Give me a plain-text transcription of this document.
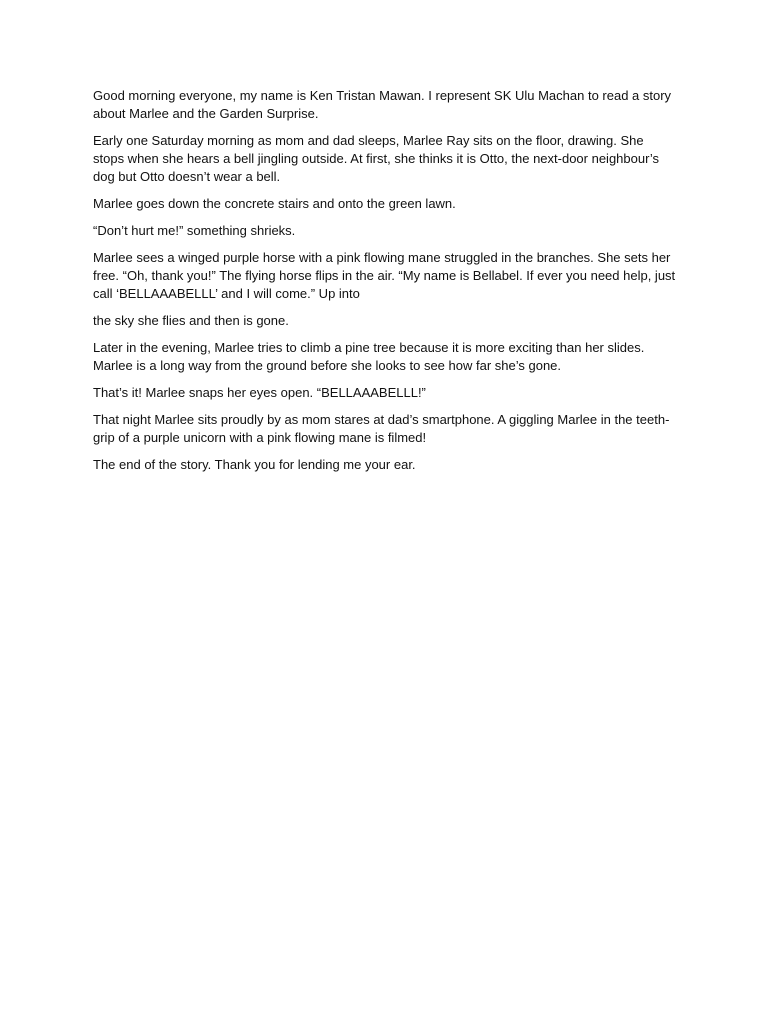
Good morning everyone, my name is Ken Tristan Mawan. I represent SK Ulu Machan to read a story about Marlee and the Garden Surprise.

Early one Saturday morning as mom and dad sleeps, Marlee Ray sits on the floor, drawing. She stops when she hears a bell jingling outside. At first, she thinks it is Otto, the next-door neighbour’s dog but Otto doesn’t wear a bell.

Marlee goes down the concrete stairs and onto the green lawn.

“Don’t hurt me!” something shrieks.

Marlee sees a winged purple horse with a pink flowing mane struggled in the branches. She sets her free. “Oh, thank you!” The flying horse flips in the air. “My name is Bellabel. If ever you need help, just call ‘BELLAAABELLL’ and I will come.” Up into

the sky she flies and then is gone.

Later in the evening, Marlee tries to climb a pine tree because it is more exciting than her slides. Marlee is a long way from the ground before she looks to see how far she’s gone.

That’s it! Marlee snaps her eyes open. “BELLAAABELLL!”

That night Marlee sits proudly by as mom stares at dad’s smartphone. A giggling Marlee in the teeth-grip of a purple unicorn with a pink flowing mane is filmed!

The end of the story. Thank you for lending me your ear.
